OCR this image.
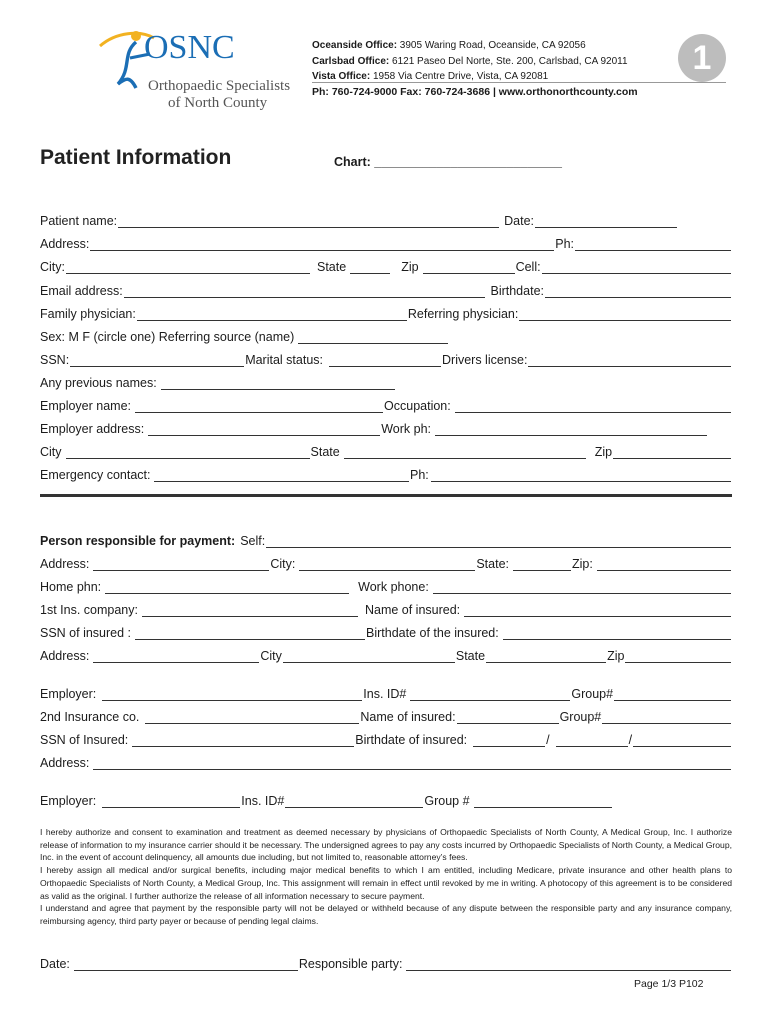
OSNC
Orthopaedic Specialists
of North County
Oceanside Office: 3905 Waring Road, Oceanside, CA 92056
Carlsbad Office: 6121 Paseo Del Norte, Ste. 200, Carlsbad, CA 92011
Vista Office: 1958 Via Centre Drive, Vista, CA 92081
Ph: 760-724-9000 Fax: 760-724-3686 | www.orthonorthcounty.com
1
Patient Information	Chart: ___________________________
Patient name:	Date:
Address:	Ph:
City:	State	Zip	Cell:
Email address:	Birthdate:
Family physician:	Referring physician:
Sex: M F (circle one) Referring source (name)
SSN:	Marital status:	Drivers license:
Any previous names:
Employer name:	Occupation:
Employer address:	Work ph:
City	State	Zip
Emergency contact:	Ph:
Person responsible for payment: Self:
Address:	City:	State:	Zip:
Home phn:	Work phone:
1st Ins. company:	Name of insured:
SSN of insured :	Birthdate of the insured:
Address:	City	State	Zip
Employer:	Ins. ID#	Group#
2nd Insurance co.	Name of insured:	Group#
SSN of Insured:	Birthdate of insured:	/	/
Address:
Employer:	Ins. ID#	Group #

I hereby authorize and consent to examination and treatment as deemed necessary by physicians of Orthopaedic Specialists of North County, A Medical Group, Inc. I authorize release of information to my insurance carrier should it be necessary. The undersigned agrees to pay any costs incurred by Orthopaedic Specialists of North County, a Medical Group, Inc. in the event of account delinquency, all amounts due including, but not limited to, reasonable attorney’s fees.

I hereby assign all medical and/or surgical benefits, including major medical benefits to which I am entitled, including Medicare, private insurance and other health plans to Orthopaedic Specialists of North County, a Medical Group, Inc. This assignment will remain in effect until revoked by me in writing. A photocopy of this agreement is to be considered as valid as the original. I further authorize the release of all information necessary to secure payment.

I understand and agree that payment by the responsible party will not be delayed or withheld because of any dispute between the responsible party and any insurance company, reimbursing agency, third party payer or because of pending legal claims.

Date:	Responsible party:
Page 1/3 P102
